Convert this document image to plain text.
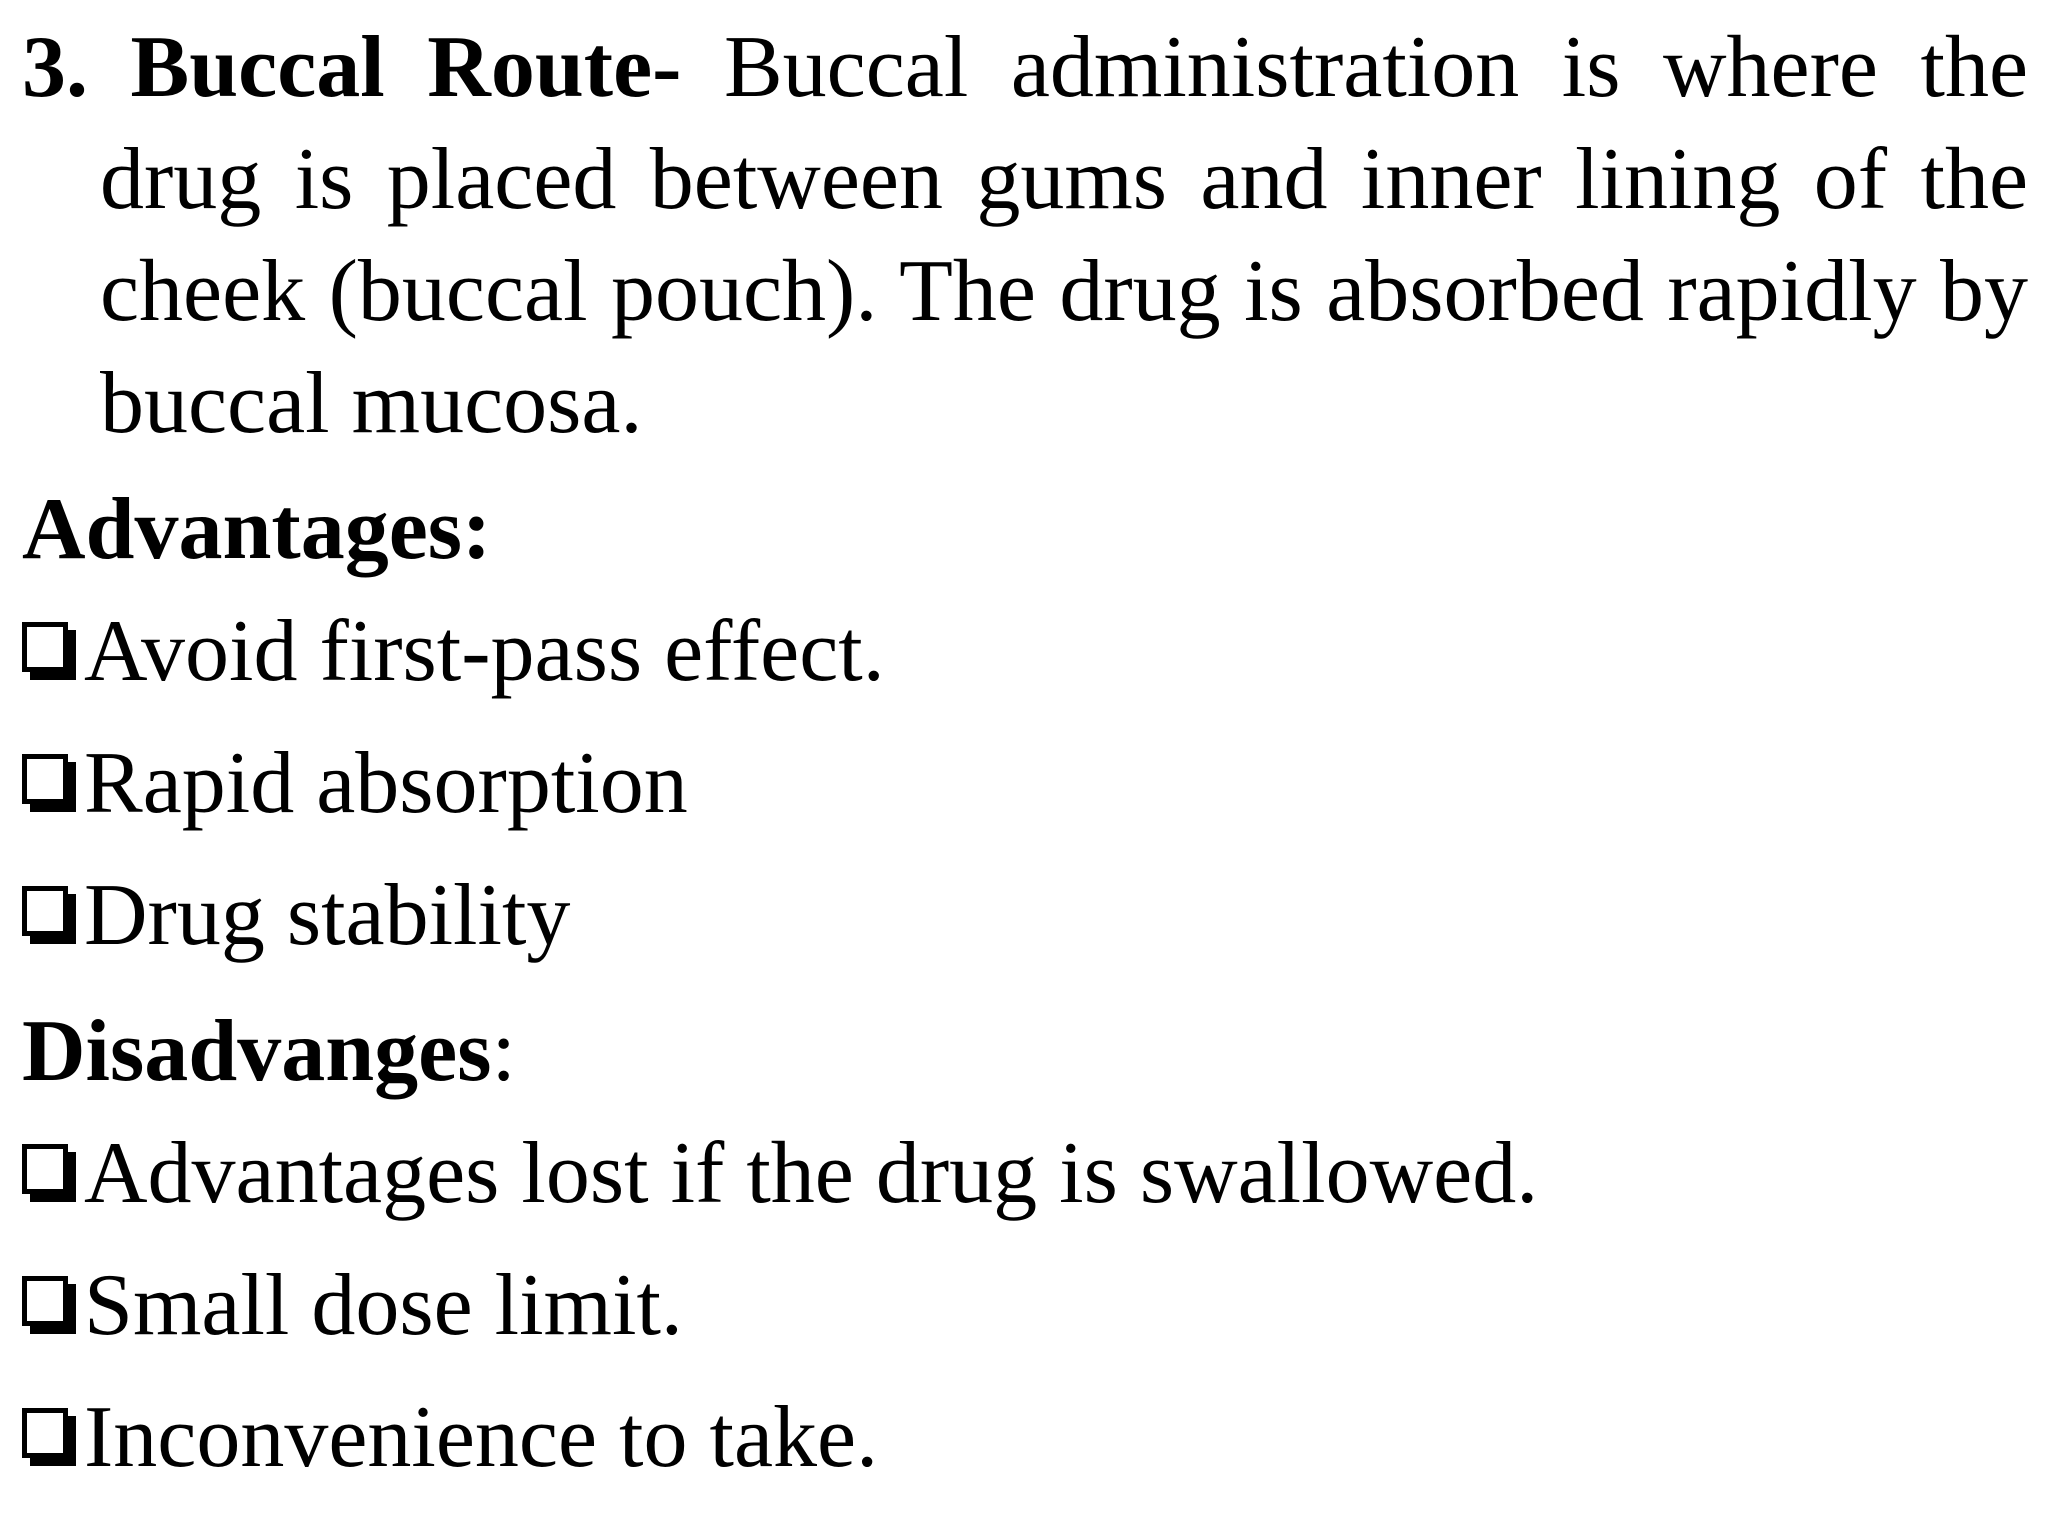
3. Buccal Route- Buccal administration is where the drug is placed between gums and inner lining of the cheek (buccal pouch). The drug is absorbed rapidly by buccal mucosa.

Advantages:
Avoid first-pass effect.
Rapid absorption
Drug stability
Disadvanges:
Advantages lost if the drug is swallowed.
Small dose limit.
Inconvenience to take.
